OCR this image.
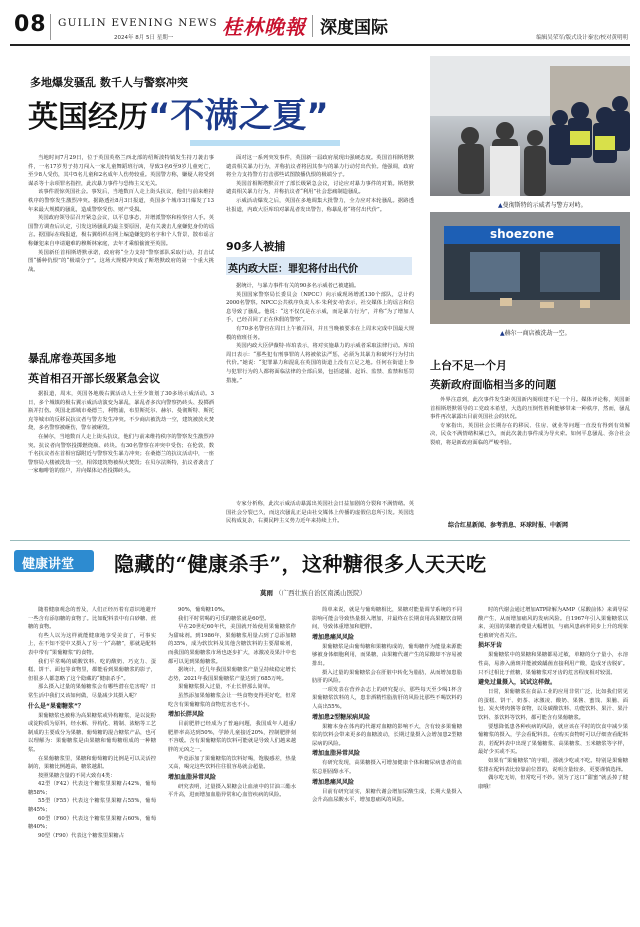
08 GUILIN EVENING NEWS
2024年 8月 5日 星期一 桂林晚報 深度国际	编辑吴荣军/版式设计秦宏/校对黄明明
多地爆发骚乱 数千人与警察冲突
英国经历“不满之夏”

当地时间7月29日，位于英国英格兰西北部的绍斯波特镇发生持刀袭击事件，一名17岁男子持刀闯入一家儿童舞蹈班行凶，导致3名6至9岁儿童死亡，至少8人受伤，其中5名儿童和2名成年人伤势较重。英国警方称，嫌疑人将受到谋杀等十余项罪名指控，此次暴力事件与恐怖主义无关。

该事件震惊英国社会。事发后，当地数百人走上街头抗议，他们与前来维持秩序的警察发生激烈冲突。据路透社8月3日报道，英国多个城市3日爆发了13年来最大规模的骚乱，造成警察受伤、财产受损。

英国政府领导层召开紧急会议，以平息事态，并增派警察和检察官人手。英国警方调查后认定，引发这场骚乱的最主要原因，是有关袭击儿童嫌犯身份的谣言。据国际在线报道，极右翼组织在网上编造嫌犯的名字和个人背景，散布谣言称嫌犯来自申请避难的穆斯林家庭，去年才乘船偷渡至英国。

英国新任首相斯塔默承诺，政府将“全力支持”警察部队采取行动，打击试图“播种仇恨”的“极端分子”。这场大规模冲突成了斯塔默政府的第一个重大挑战。

暴乱席卷英国多地
英首相召开部长级紧急会议

据报道，周末，英国各地极右翼活动人士至少策划了30多场示威活动。3日，多个城镇的极右翼示威活动演变为暴乱，暴乱者多次向警察扔砖头、投掷酒瓶并打伤。英国北部城市桑德兰，利物浦，布里斯托尔、赫尔、曼彻斯特、斯托克等城市的反移民抗议者与警方发生冲突。不少商店被洗劫一空，建筑被放火焚烧，多名警察被砸伤，警车被砸毁。

在赫尔，当地数百人走上街头抗议，他们与前来维持秩序的警察发生激烈冲突。抗议者向警察投掷燃烧瓶、砖块。有30名警察在冲突中受伤；在伦敦，数千名抗议者在首相官邸附近与警察发生暴力冲突；在桑德兰的抗议活动中，一座警察局大楼被洗劫一空，相邻建筑物被纵火焚毁；在贝尔法斯特，抗议者袭击了一家咖啡馆的窗户，并向媒体记者投掷砖头。

面对这一系列突发事件，英国新一届政府展现出强硬态度。英国首相斯塔默谴责相关暴力行为，并称抗议者将因其参与的暴力行动付出代价。他强调，政府将全力支持警方打击那些试图散播仇恨的极端分子。

英国首相斯塔默召开了部长级紧急会议，讨论应对暴力事件的对策。斯塔默谴责相关暴力行为，并称抗议者“利用”社会悲痛制造骚乱。

示威活动爆发之后，英国在多地调集大批警力，全力应对本轮骚乱。据路透社报道，内政大臣库珀对暴乱者发出警告，称暴乱者“将付出代价”。

90多人被捕
英内政大臣：罪犯将付出代价

据统计，与暴力事件有关的90多名示威者已被逮捕。

英国国家警察局长委员会（NPCC）向示威现场增派130个部队，总计约2000名警察。NPCC公共秩序负责人本·朱利安·哈表示，社交媒体上的谣言和信息导致了骚乱。他说：“这不仅仅是在示威，而是暴力行为”，并称“为了增加人手，已经召回了正在休假的警察”。

有70多名警官在周日上午被召回，并且当晚被要求在上周末完成中国最大规模的值班任务。

英国内政大臣伊薇特·库珀表示，将对实施暴力的示威者采取法律行动。库珀周日表示：“那些犯有刑事罪的人将被依法严惩，必须为其暴力和破坏行为付出代价。”她说：“犯罪暴力和混乱在英国的街道上没有立足之地。任何在街道上参与犯罪行为的人都将面临法律的全部后果，包括逮捕、起诉、监禁、监禁和惩罚措施。”

专家分析称，此次示威活动暴露出英国社会日益加剧的分裂和不满情绪。英国社会分裂已久，而这次骚乱正是由社交媒体上传播的虚假信息所引发。英国选民构成复杂，右翼民粹主义势力近年来持续上升。

▲曼彻斯特的示威者与警方对峙。
shoezone
▲赫尔一商店被洗劫一空。
上台不足一个月
英新政府面临相当多的问题

外界注意到，此次事件发生距英国新内阁组建不足一个月。媒体评论称，英国新首相斯塔默领导的工党政本希望，大选的压倒性胜利能够带来一种秩序，然而，骚乱事件再次暴露出目前英国社会的状况。

专家指出，英国社会长期存在的移民、住房、就业等问题一直没有得到有效解决，民众不满情绪积累已久，而此次袭击事件成为导火索。如何平息骚乱、弥合社会裂痕，将是新政府面临的严峻考验。

综合红星新闻、参考消息、环球时报、中新网
健康讲堂 隐藏的“健康杀手”，这种糖很多人天天吃
莫雨 （广西壮族自治区南溪山医院）

随着健康观念的普及，人们正经历着有意识地避开一些含有添加糖的食物了。比如配料表中有白砂糖、蔗糖的食物。

有些人以为这样就能健康地享受美食了，可事实上，在不知不觉中又摄入了另一个“高糖”，那就是配料表中带有“果葡糖浆”的食物。

我们平常喝的碳酸饮料、吃的酸奶、巧克力、蛋糕、饼干、面包等食物里，都能看到果葡糖浆的影子，但很多人都忽略了这个隐藏的“健康杀手”。

那么摄入过量的果葡糖浆会有哪些潜在危害呢？日常生活中我们又该如何做，尽量减少其摄入呢？

什么是“果葡糖浆”？

果葡糖浆也被称为高果糖浆或异构糖浆，是以淀粉或淀粉质为原料，经水解、异构化、精制、浓缩等工艺制成的主要成分为果糖、葡萄糖的混合糖浆产品，也可以理解为：果葡糖浆是由果糖和葡萄糖组成的一种糖浆。

在果葡糖浆里，果糖和葡萄糖的比例是可以灵活控制的，果糖比例越高，糖浆越甜。

按照果糖含量的不同大致有4类：

42型（F42）代表这个糖浆里果糖占42%，葡萄糖58%；

55型（F55）代表这个糖浆里果糖占55%，葡萄糖45%；

60型（F60）代表这个糖浆里果糖占60%，葡萄糖40%；

90型（F90）代表这个糖浆里果糖占

90%，葡萄糖10%。

我们平时常喝的可乐的糖浆就是60型。

早在20世纪60年代，美国就开始使用果葡糖浆作为甜味剂。到1986年，果葡糖浆用量占到了总添加糖的35%，成为软饮料及其他含糖饮料的主要甜味剂，而我国的果葡糖浆市场也逐步扩大，冰激凌及果汁中也都可以见到果葡糖浆。

据统计，近几年我国果葡糖浆产量呈持续稳定增长态势，2021年我国果葡糖浆产量达到了685万吨。

果葡糖浆摄入过量，不止长胖那么简单。

虽然添加果葡糖浆会让一些食物变得更好吃，但常吃含有果葡糖浆的食物危害也不小。

增加长胖风险

目前肥胖已经成为了普遍问题，我国成年人超重/肥胖率高达到50%，学龄儿童接近20%，控制肥胖刻不容缓。含有果葡糖浆的饮料可能就是导致人们越来越胖的元凶之一。

毕竟添加了果葡糖浆的饮料好喝，饱腹感差，热量又高，喝完这些饮料往往很容易就会超量。

增加血脂异常风险

研究表明，过量摄入果糖会让血液中的甘油三酯水平升高，进而增加血脂异常和心血管疾病的风险。

简单来说，就是与葡萄糖相比，果糖对能量调节系统的不同影响可能会导致热量摄入增加，并最终在长期食用高果糖饮食期间，导致体重增加和肥胖。

增加患痛风风险

果葡糖浆是由葡萄糖和果糖构成的，葡萄糖作为能量来源能够被身体细胞利用，而果糖，由果糖代谢产生的尿酸却不容易被排出。

摄入过量的果葡糖浆会在肝脏中转化为脂肪，从而增加患脂肪肝的风险。

一项发表在营养杂志上的研究提示，那些每天至少喝1杯含果葡糖浆饮料的人，患非酒精性脂肪肝的风险比那些不喝饮料的人高出55%。

增加患2型糖尿病风险

果糖本身在体内的代谢对血糖的影响不大，含有较多果葡糖浆的饮料会带来更多的血糖波动，长期过量摄入会增加患2型糖尿病的风险。

增加血脂异常风险

有研究发现，高果糖摄入可增加健康个体和糖尿病患者的血浆总胆固醇水平。

增加患痛风风险

目前有研究证实，果糖代谢会增加尿酸生成，长期大量摄入会升高血尿酸水平，增加患痛风的风险。

时的代谢会通过增加ATP降解为AMP（尿酸前体）来调导尿酸产生，从而增加痛风的发病风险。自1967年引入果葡糖浆以来，美国的果糖消费量大幅增加，与痛风患病率同步上升的现象也被研究者关注。

损坏牙齿

果葡糖浆中的果糖和果糖都易过敏，单糖的分子量小，水溶性高，易渗入菌斑并能被致龋菌直接利用产酸，造成牙齿脱矿。只不过相比于蔗糖，果葡糖浆对牙齿的危害程度相对较弱。

避免过量摄入，试试这样做。

日常，果葡糖浆在食品工业的应用非常广泛，比如我们常见的蛋糕、饼干、奶茶、冰激凌、酸奶、果酱、蜜饯、果脯、面包、炭火烤肉酱等食物，以及碳酸饮料、功能饮料、果汁、果汁饮料、茶饮料等饮料，都可能含有果葡糖浆。

要想降低患各种疾病的风险，就应该在平时的饮食中减少果葡糖浆的摄入，学会看配料表。在购买食物时可以仔细查看配料表，若配料表中出现了果葡糖浆、高果糖浆、玉米糖浆等字样，最好少买或不买。

如果有“果葡糖浆”的字眼，那就少吃或不吃。特别是果葡糖浆排在配料表比较靠前位置的，说明含量较多，更要谨慎选择。

偶尔吃无妨，但常吃可不妙。别为了这口“甜蜜”就丢掉了健康哦！
